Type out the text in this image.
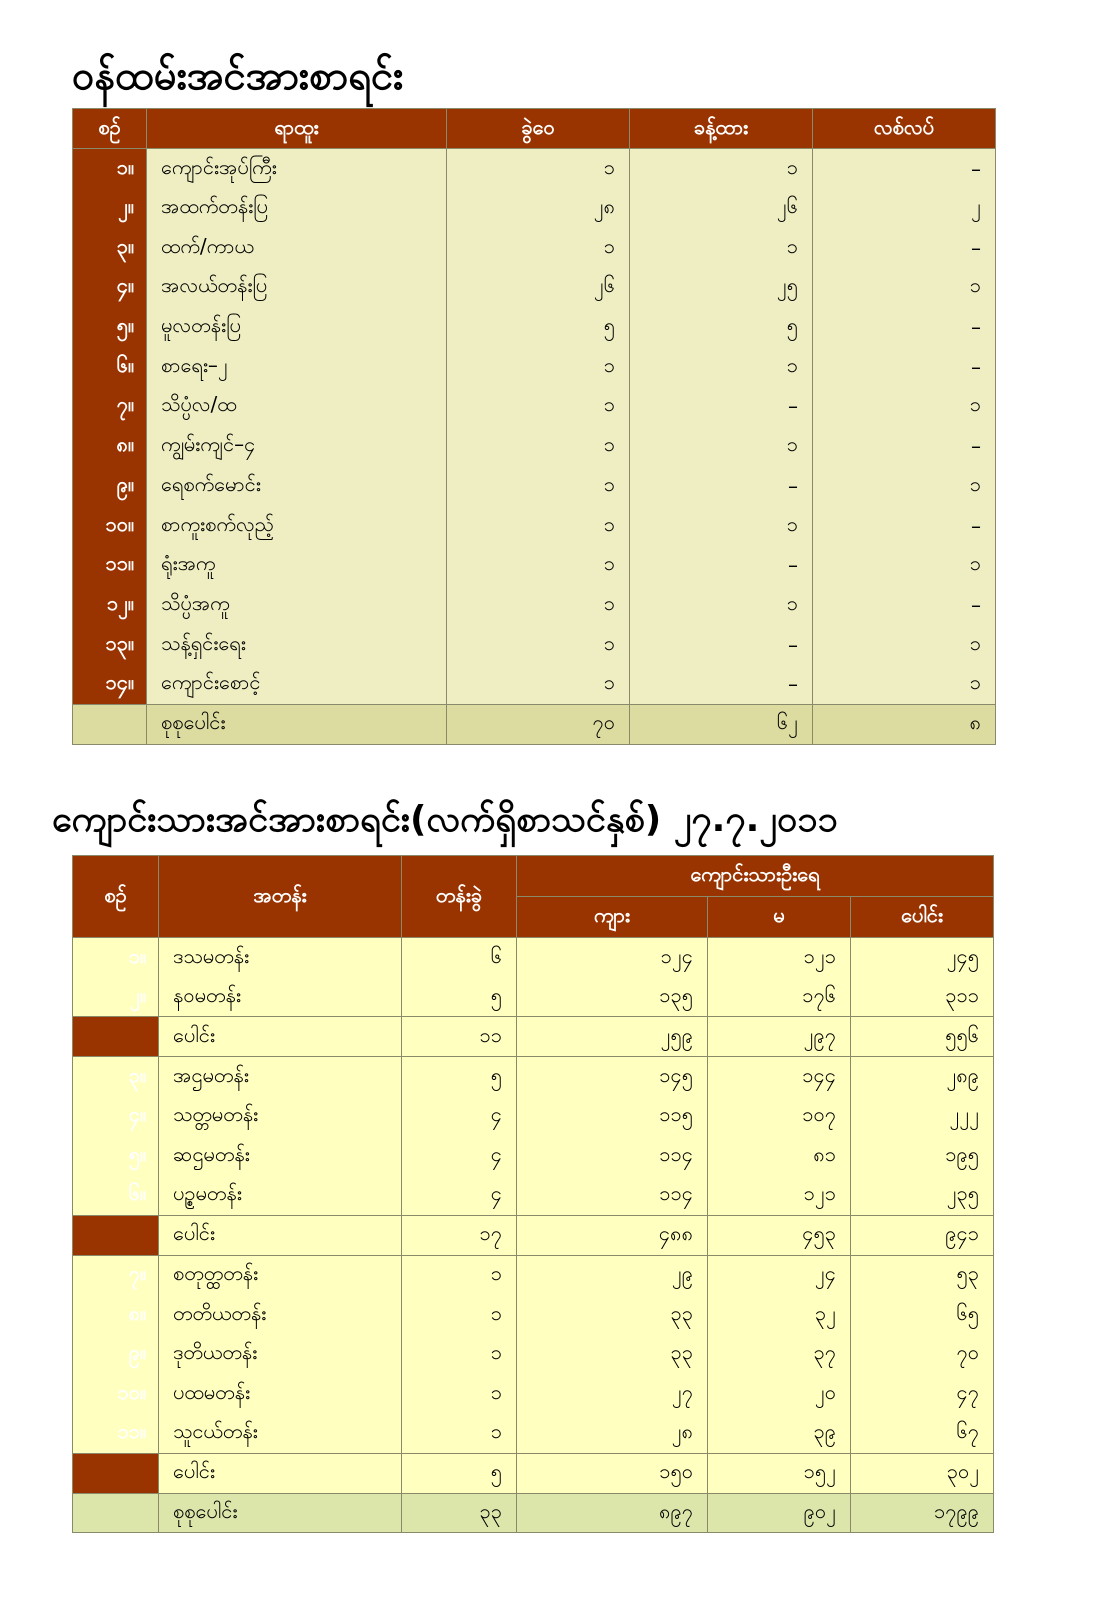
ဝန်ထမ်းအင်အားစာရင်း
စဉ်	ရာထူး	ခွဲဝေ	ခန့်ထား	လစ်လပ်
၁။	ကျောင်းအုပ်ကြီး	၁	၁	–
၂။	အထက်တန်းပြ	၂၈	၂၆	၂
၃။	ထက်/ကာယ	၁	၁	–
၄။	အလယ်တန်းပြ	၂၆	၂၅	၁
၅။	မူလတန်းပြ	၅	၅	–
၆။	စာရေး–၂	၁	၁	–
၇။	သိပ္ပံလ/ထ	၁	–	၁
၈။	ကျွမ်းကျင်–၄	၁	၁	–
၉။	ရေစက်မောင်း	၁	–	၁
၁၀။	စာကူးစက်လုည့်	၁	၁	–
၁၁။	ရုံးအကူ	၁	–	၁
၁၂။	သိပ္ပံအကူ	၁	၁	–
၁၃။	သန့်ရှင်းရေး	၁	–	၁
၁၄။	ကျောင်းစောင့်	၁	–	၁
	စုစုပေါင်း	၇၀	၆၂	၈
ကျောင်းသားအင်အားစာရင်း(လက်ရှိစာသင်နှစ်) ၂၇.၇.၂၀၁၁
စဉ်	အတန်း	တန်းခွဲ	ကျောင်းသားဦးရေ		
			ကျား	မ	ပေါင်း
၁။	ဒသမတန်း	၆	၁၂၄	၁၂၁	၂၄၅
၂။	နဝမတန်း	၅	၁၃၅	၁၇၆	၃၁၁
	ပေါင်း	၁၁	၂၅၉	၂၉၇	၅၅၆
၃။	အဌမတန်း	၅	၁၄၅	၁၄၄	၂၈၉
၄။	သတ္တမတန်း	၄	၁၁၅	၁၀၇	၂၂၂
၅။	ဆဌမတန်း	၄	၁၁၄	၈၁	၁၉၅
၆။	ပဥ္စမတန်း	၄	၁၁၄	၁၂၁	၂၃၅
	ပေါင်း	၁၇	၄၈၈	၄၅၃	၉၄၁
၇။	စတုတ္ထတန်း	၁	၂၉	၂၄	၅၃
၈။	တတိယတန်း	၁	၃၃	၃၂	၆၅
၉။	ဒုတိယတန်း	၁	၃၃	၃၇	၇၀
၁၀။	ပထမတန်း	၁	၂၇	၂၀	၄၇
၁၁။	သူငယ်တန်း	၁	၂၈	၃၉	၆၇
	ပေါင်း	၅	၁၅၀	၁၅၂	၃၀၂
	စုစုပေါင်း	၃၃	၈၉၇	၉၀၂	၁၇၉၉
